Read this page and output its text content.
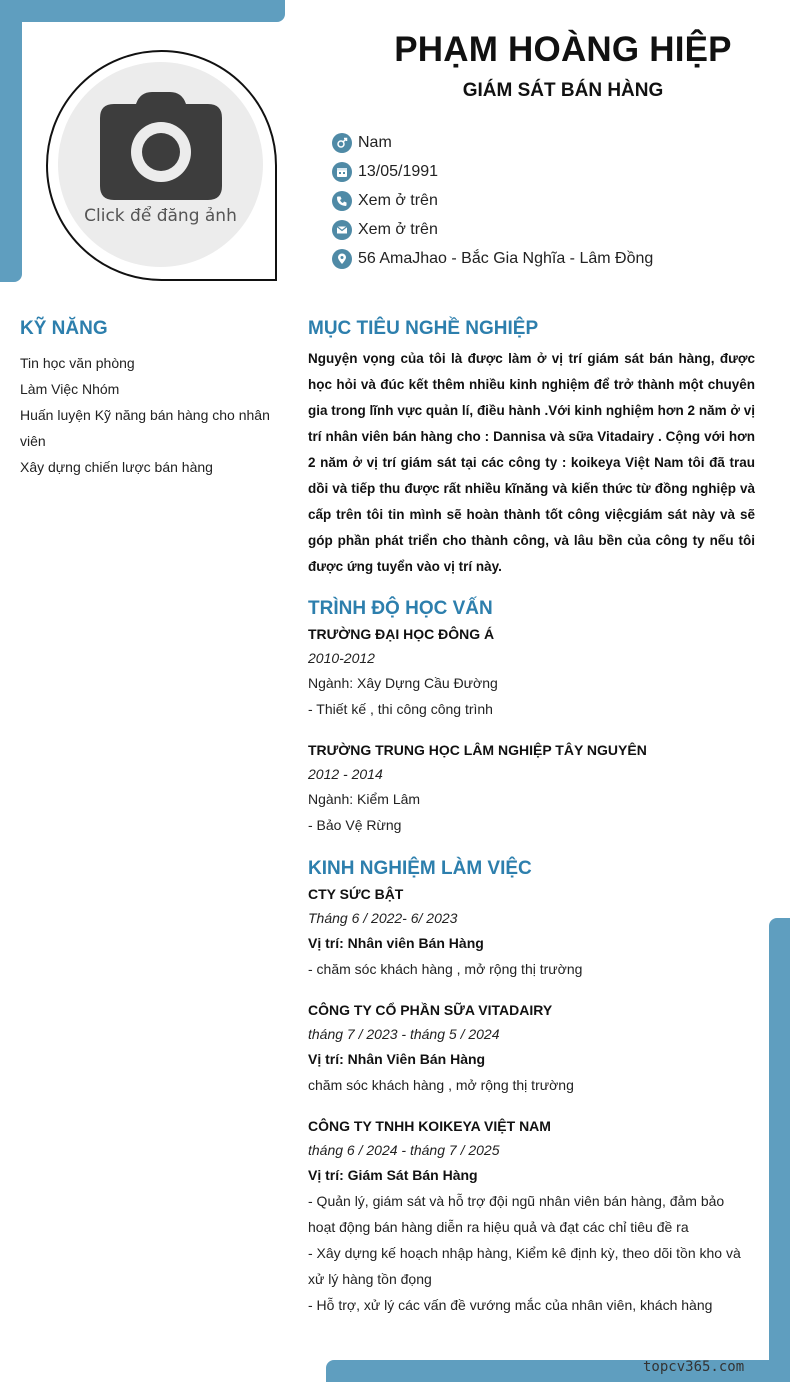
Click để đăng ảnh
PHẠM HOÀNG HIỆP
GIÁM SÁT BÁN HÀNG
Nam
13/05/1991
Xem ở trên
Xem ở trên
56 AmaJhao - Bắc Gia Nghĩa - Lâm Đồng
KỸ NĂNG
Tin học văn phòng
Làm Việc Nhóm
Huấn luyện Kỹ năng bán hàng cho nhân viên
Xây dựng chiến lược bán hàng
MỤC TIÊU NGHỀ NGHIỆP

Nguyện vọng của tôi là được làm ở vị trí giám sát bán hàng, được học hỏi và đúc kết thêm nhiều kinh nghiệm để trở thành một chuyên gia trong lĩnh vực quản lí, điều hành .Với kinh nghiệm hơn 2 năm ở vị trí nhân viên bán hàng cho : Dannisa và sữa Vitadairy . Cộng với hơn 2 năm ở vị trí giám sát tại các công ty : koikeya Việt Nam tôi đã trau dồi và tiếp thu được rất nhiều kĩnăng và kiến thức từ đồng nghiệp và cấp trên tôi tin mình sẽ hoàn thành tốt công việcgiám sát này và sẽ góp phần phát triển cho thành công, và lâu bền của công ty nếu tôi được ứng tuyển vào vị trí này.

TRÌNH ĐỘ HỌC VẤN
TRƯỜNG ĐẠI HỌC ĐÔNG Á
2010-2012
Ngành: Xây Dựng Cầu Đường
- Thiết kế , thi công công trình
TRƯỜNG TRUNG HỌC LÂM NGHIỆP TÂY NGUYÊN
2012 - 2014
Ngành: Kiểm Lâm
- Bảo Vệ Rừng
KINH NGHIỆM LÀM VIỆC
CTY SỨC BẬT
Tháng 6 / 2022- 6/ 2023
Vị trí: Nhân viên Bán Hàng
- chăm sóc khách hàng , mở rộng thị trường
CÔNG TY CỔ PHẦN SỮA VITADAIRY
tháng 7 / 2023 - tháng 5 / 2024
Vị trí: Nhân Viên Bán Hàng
chăm sóc khách hàng , mở rộng thị trường
CÔNG TY TNHH KOIKEYA VIỆT NAM
tháng 6 / 2024 - tháng 7 / 2025
Vị trí: Giám Sát Bán Hàng
- Quản lý, giám sát và hỗ trợ đội ngũ nhân viên bán hàng, đảm bảo hoạt động bán hàng diễn ra hiệu quả và đạt các chỉ tiêu đề ra
- Xây dựng kế hoạch nhập hàng, Kiểm kê định kỳ, theo dõi tồn kho và xử lý hàng tồn đọng
- Hỗ trợ, xử lý các vấn đề vướng mắc của nhân viên, khách hàng
topcv365.com
